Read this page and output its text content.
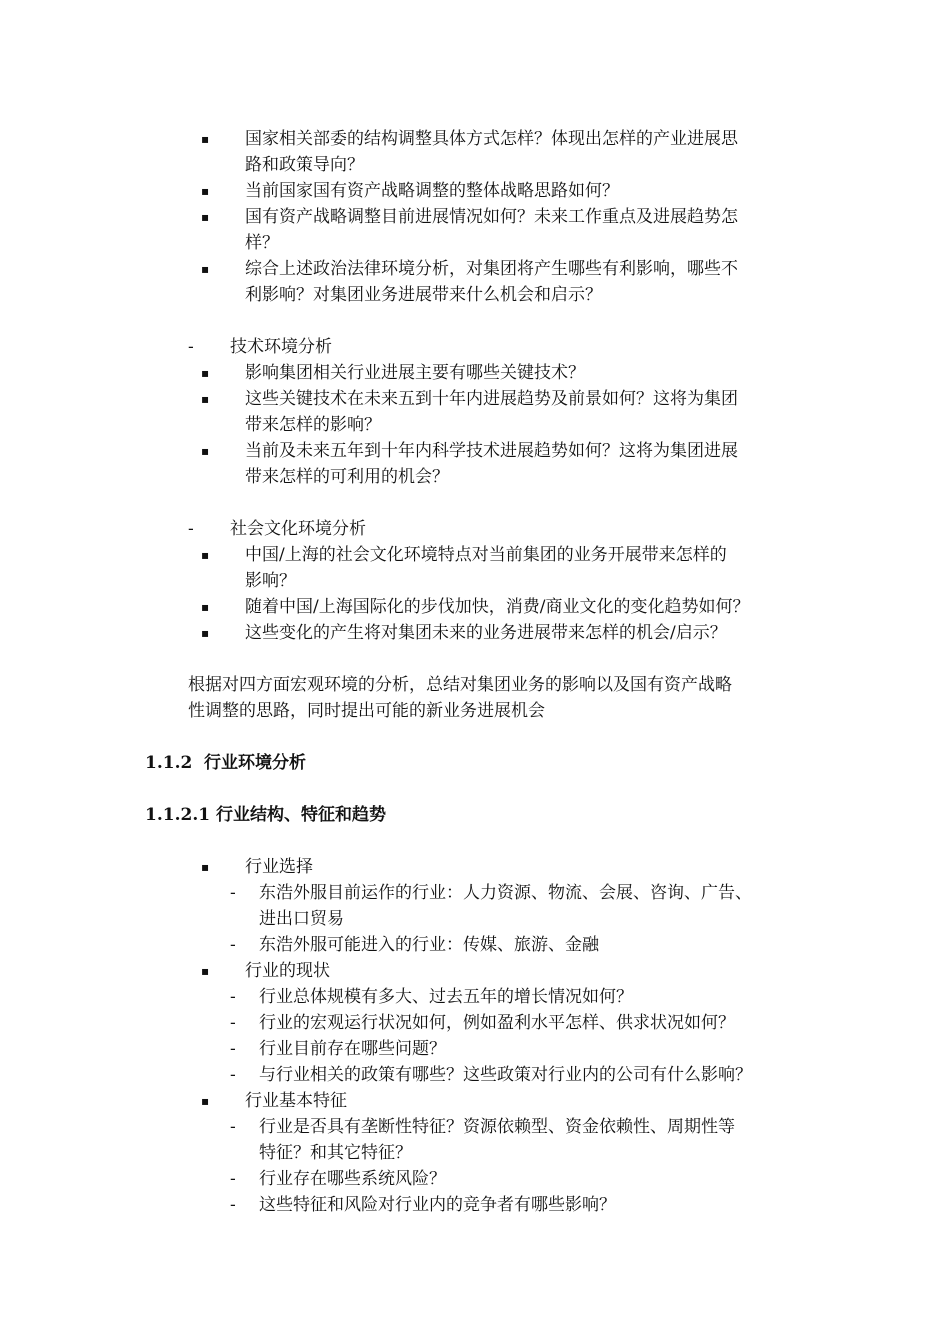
▪ 国家相关部委的结构调整具体方式怎样？体现出怎样的产业进展思
路和政策导向？
▪ 当前国家国有资产战略调整的整体战略思路如何？
▪ 国有资产战略调整目前进展情况如何？未来工作重点及进展趋势怎
样？
▪ 综合上述政治法律环境分析，对集团将产生哪些有利影响，哪些不
利影响？对集团业务进展带来什么机会和启示？
- 技术环境分析
▪ 影响集团相关行业进展主要有哪些关键技术？
▪ 这些关键技术在未来五到十年内进展趋势及前景如何？这将为集团
带来怎样的影响？
▪ 当前及未来五年到十年内科学技术进展趋势如何？这将为集团进展
带来怎样的可利用的机会？
- 社会文化环境分析
▪ 中国/上海的社会文化环境特点对当前集团的业务开展带来怎样的
影响？
▪ 随着中国/上海国际化的步伐加快，消费/商业文化的变化趋势如何？
▪ 这些变化的产生将对集团未来的业务进展带来怎样的机会/启示？
根据对四方面宏观环境的分析，总结对集团业务的影响以及国有资产战略
性调整的思路，同时提出可能的新业务进展机会
1.1.2 行业环境分析
1.1.2.1 行业结构、特征和趋势
▪ 行业选择
- 东浩外服目前运作的行业：人力资源、物流、会展、咨询、广告、
进出口贸易
- 东浩外服可能进入的行业：传媒、旅游、金融
▪ 行业的现状
- 行业总体规模有多大、过去五年的增长情况如何？
- 行业的宏观运行状况如何，例如盈利水平怎样、供求状况如何？
- 行业目前存在哪些问题？
- 与行业相关的政策有哪些？这些政策对行业内的公司有什么影响？
▪ 行业基本特征
- 行业是否具有垄断性特征？资源依赖型、资金依赖性、周期性等
特征？和其它特征？
- 行业存在哪些系统风险？
- 这些特征和风险对行业内的竞争者有哪些影响？
